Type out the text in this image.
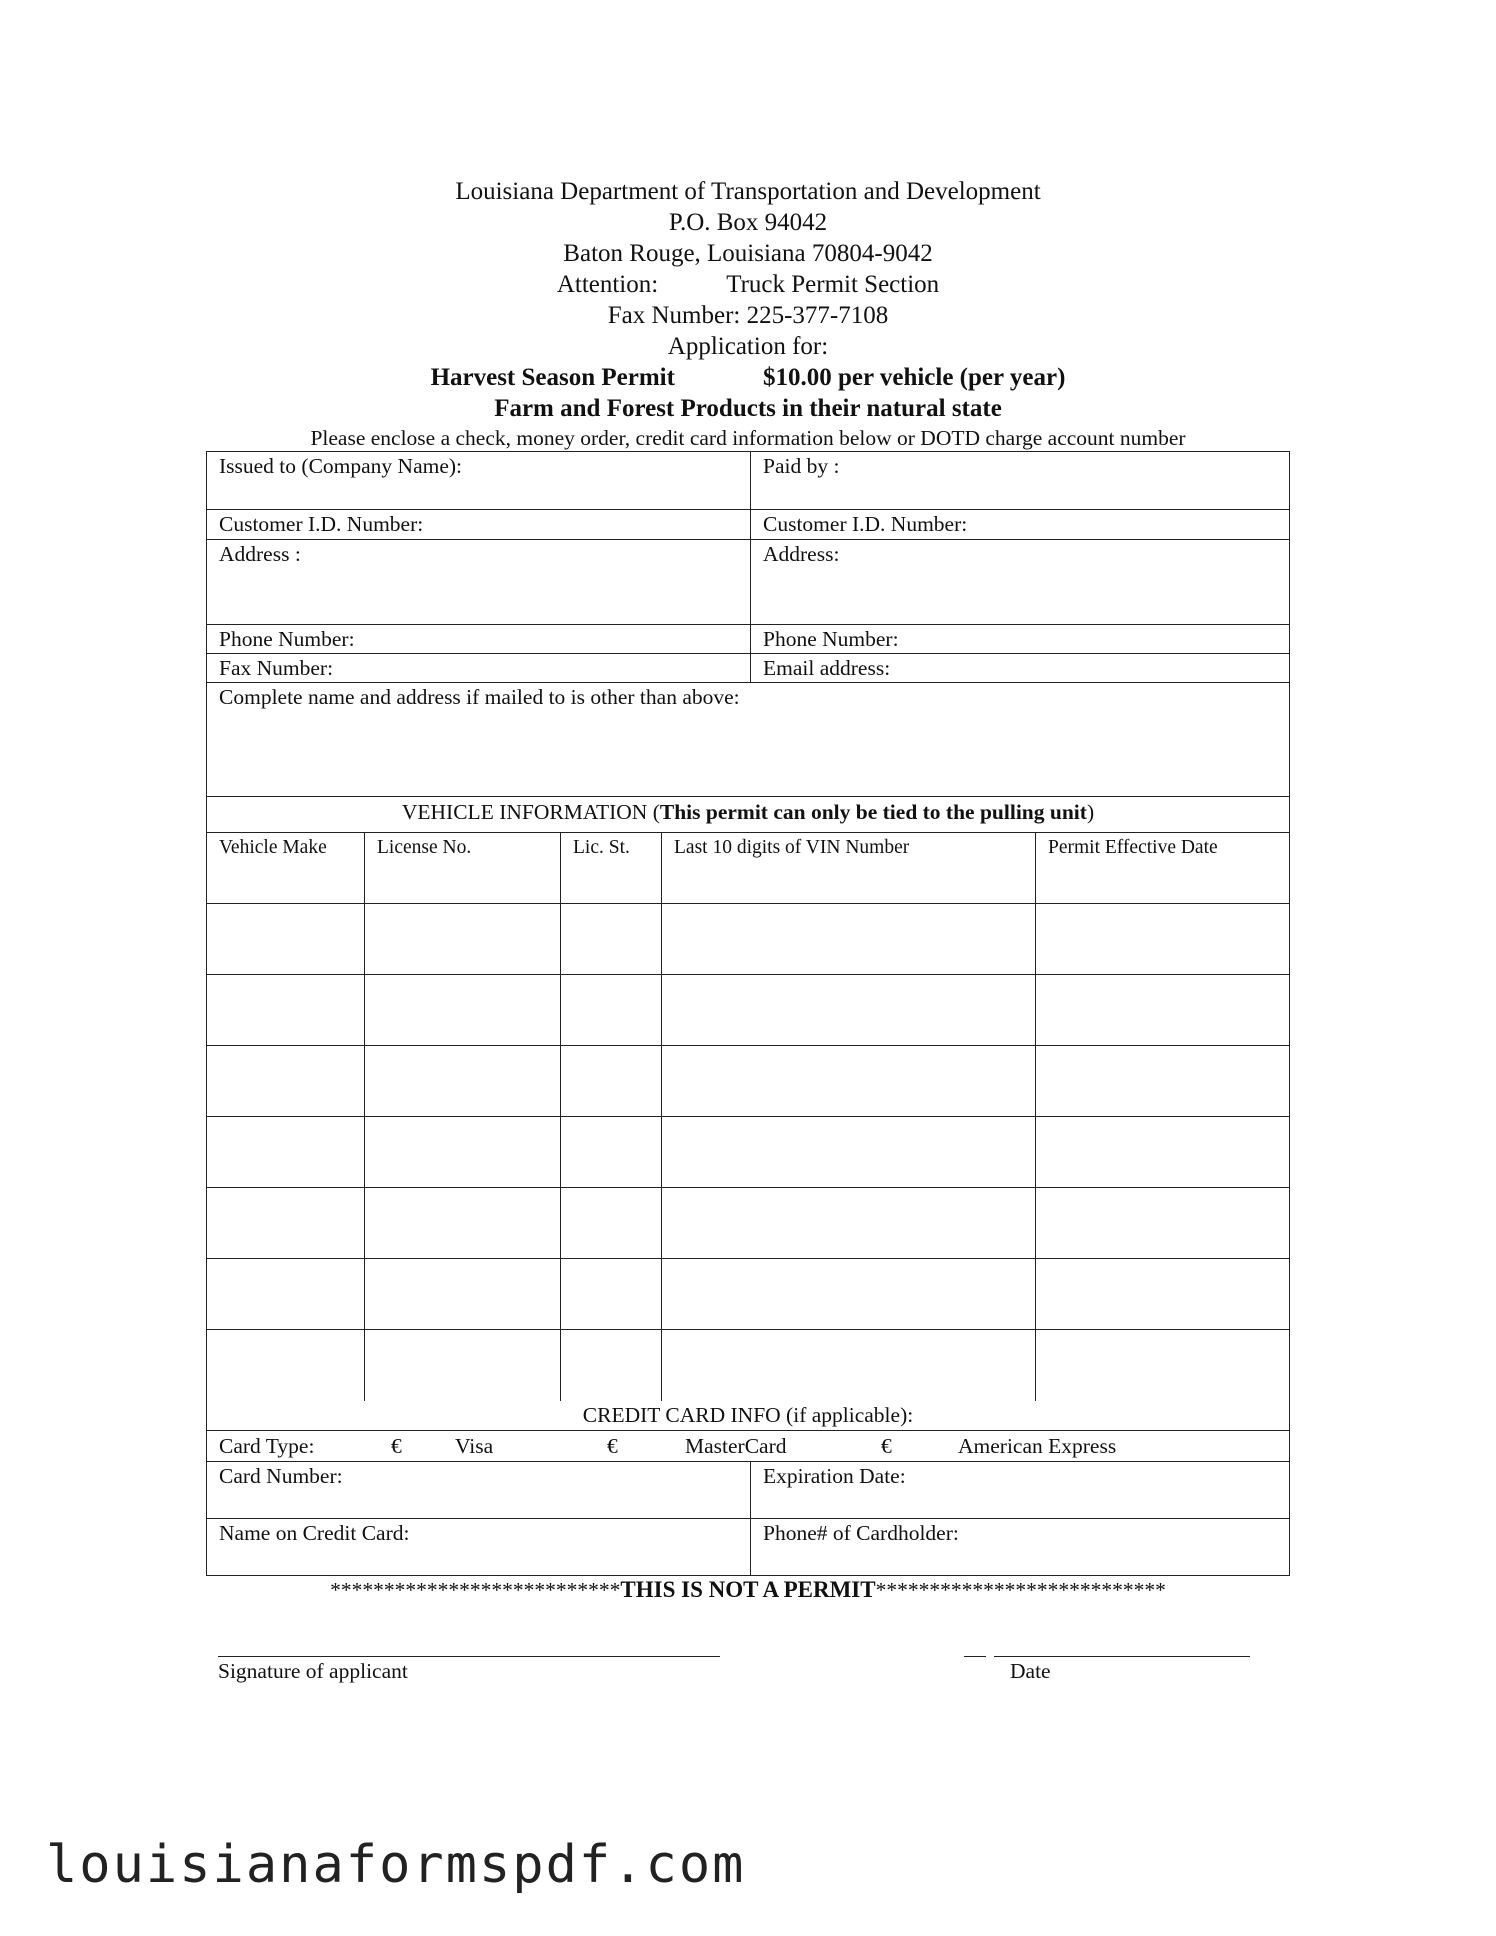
Louisiana Department of Transportation and Development
P.O. Box 94042
Baton Rouge, Louisiana 70804-9042
Attention:	Truck Permit Section
Fax Number: 225-377-7108
Application for:
Harvest Season Permit	$10.00 per vehicle (per year)
Farm and Forest Products in their natural state
Please enclose a check, money order, credit card information below or DOTD charge account number
Issued to (Company Name):	Paid by :
Customer I.D. Number:	Customer I.D. Number:
Address :	Address:
Phone Number:	Phone Number:
Fax Number:	Email address:
Complete name and address if mailed to is other than above:
VEHICLE INFORMATION (This permit can only be tied to the pulling unit)
Vehicle Make	License No.	Lic. St.	Last 10 digits of VIN Number	Permit Effective Date
CREDIT CARD INFO (if applicable):
Card Type:	€ Visa	€	MasterCard	€	American Express
Card Number:	Expiration Date:
Name on Credit Card:	Phone# of Cardholder:
***************************THIS IS NOT A PERMIT***************************
Signature of applicant	Date
louisianaformspdf.com
